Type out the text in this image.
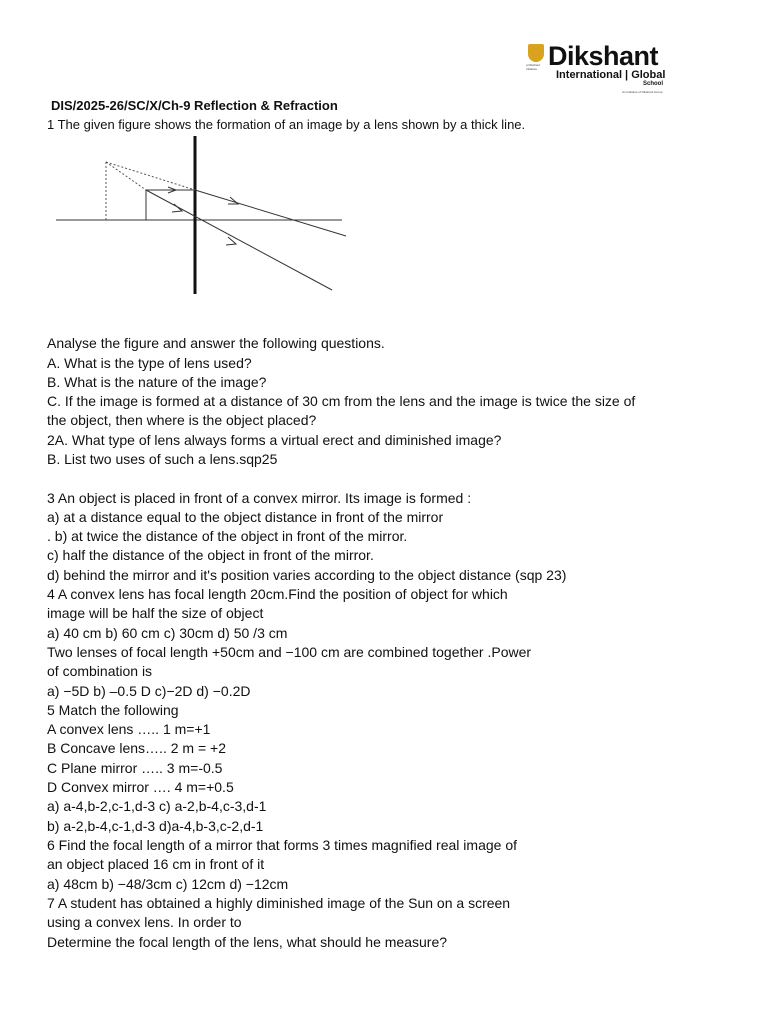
a Dikshant Initiative Dikshant
International | Global
School
An Initiative of Dikshant Group
DIS/2025-26/SC/X/Ch-9 Reflection & Refraction
1 The given figure shows the formation of an image by a lens shown by a thick line.
Analyse the figure and answer the following questions.
A. What is the type of lens used?
B. What is the nature of the image?
C. If the image is formed at a distance of 30 cm from the lens and the image is twice the size of
the object, then where is the object placed?
2A. What type of lens always forms a virtual erect and diminished image?
B. List two uses of such a lens.sqp25
3 An object is placed in front of a convex mirror. Its image is formed :
a) at a distance equal to the object distance in front of the mirror
. b) at twice the distance of the object in front of the mirror.
c) half the distance of the object in front of the mirror.
d) behind the mirror and it's position varies according to the object distance (sqp 23)
4 A convex lens has focal length 20cm.Find the position of object for which
image will be half the size of object
a) 40 cm b) 60 cm c) 30cm d) 50 /3 cm
Two lenses of focal length +50cm and −100 cm are combined together .Power
of combination is
a) −5D b) –0.5 D c)−2D d) −0.2D
5 Match the following
A convex lens ….. 1 m=+1
B Concave lens….. 2 m = +2
C Plane mirror ….. 3 m=-0.5
D Convex mirror …. 4 m=+0.5
a) a-4,b-2,c-1,d-3 c) a-2,b-4,c-3,d-1
b) a-2,b-4,c-1,d-3 d)a-4,b-3,c-2,d-1
6 Find the focal length of a mirror that forms 3 times magnified real image of
an object placed 16 cm in front of it
a) 48cm b) −48/3cm c) 12cm d) −12cm
7 A student has obtained a highly diminished image of the Sun on a screen
using a convex lens. In order to
Determine the focal length of the lens, what should he measure?
